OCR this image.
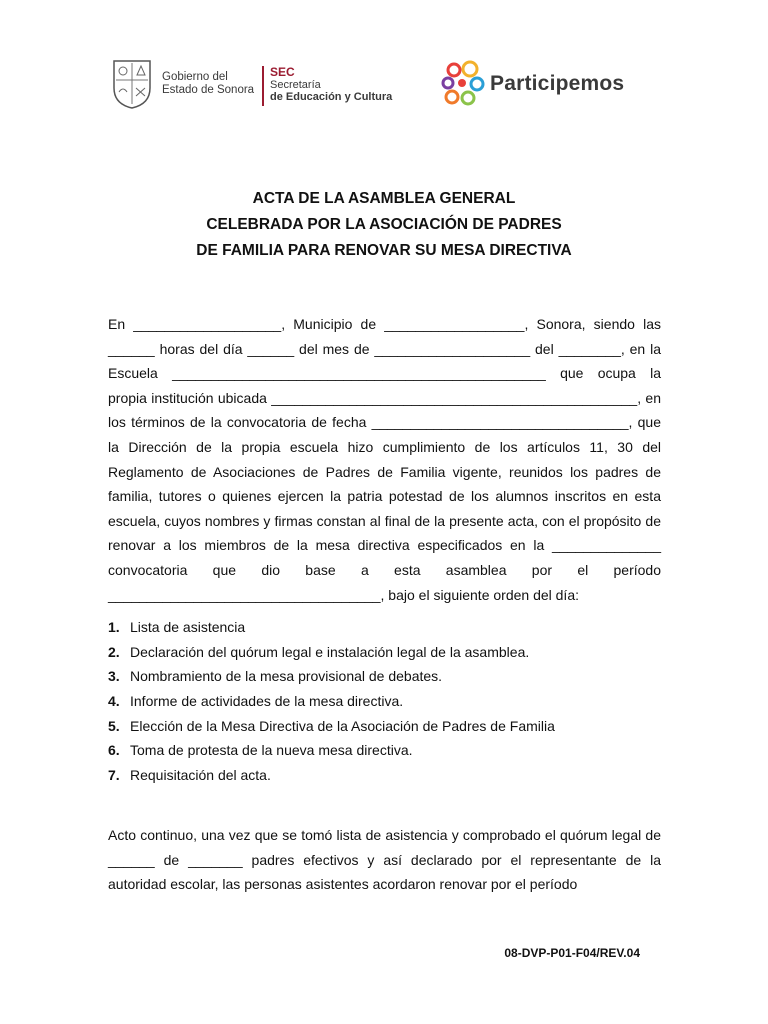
Gobierno del
Estado de Sonora
SEC
Secretaría
de Educación y Cultura
Participemos
ACTA DE LA ASAMBLEA GENERAL
CELEBRADA POR LA ASOCIACIÓN DE PADRES
DE FAMILIA PARA RENOVAR SU MESA DIRECTIVA

En ___________________, Municipio de __________________, Sonora, siendo las ______ horas del día ______ del mes de ____________________ del ________, en la Escuela ________________________________________________ que ocupa la propia institución ubicada _______________________________________________, en los términos de la convocatoria de fecha _________________________________, que la Dirección de la propia escuela hizo cumplimiento de los artículos 11, 30 del Reglamento de Asociaciones de Padres de Familia vigente, reunidos los padres de familia, tutores o quienes ejercen la patria potestad de los alumnos inscritos en esta escuela, cuyos nombres y firmas constan al final de la presente acta, con el propósito de renovar a los miembros de la mesa directiva especificados en la ______________ convocatoria que dio base a esta asamblea por el período ___________________________________, bajo el siguiente orden del día:

1. Lista de asistencia
2. Declaración del quórum legal e instalación legal de la asamblea.
3. Nombramiento de la mesa provisional de debates.
4. Informe de actividades de la mesa directiva.
5. Elección de la Mesa Directiva de la Asociación de Padres de Familia
6. Toma de protesta de la nueva mesa directiva.
7. Requisitación del acta.

Acto continuo, una vez que se tomó lista de asistencia y comprobado el quórum legal de ______ de _______ padres efectivos y así declarado por el representante de la autoridad escolar, las personas asistentes acordaron renovar por el período

08-DVP-P01-F04/REV.04
